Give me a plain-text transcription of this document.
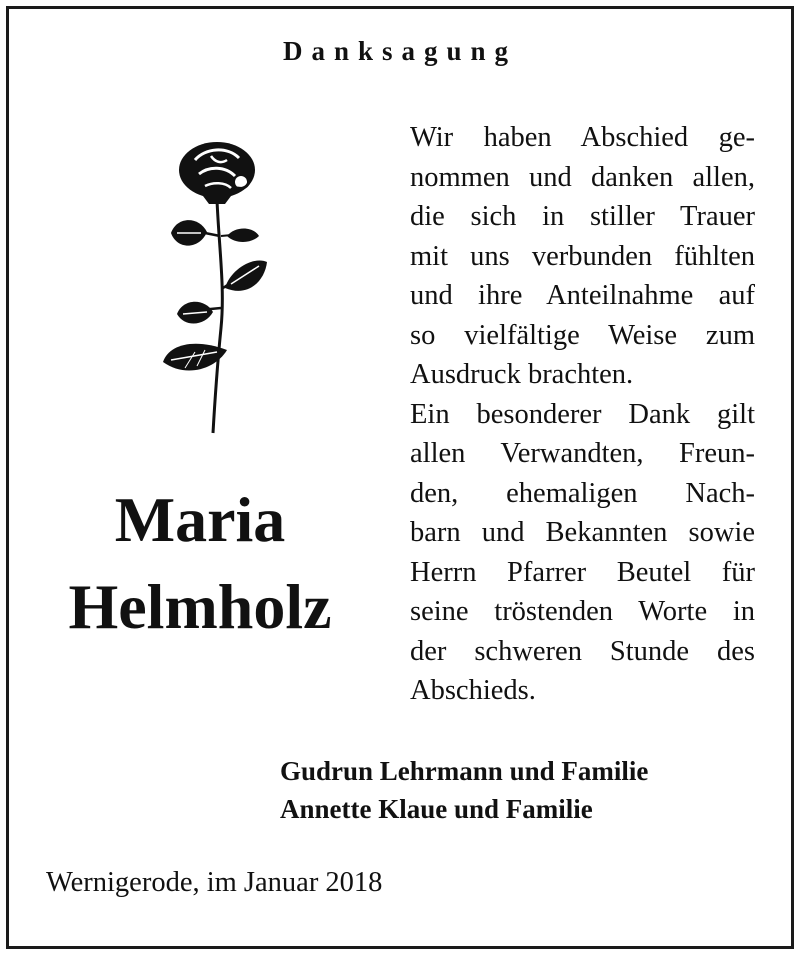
Danksagung
Maria
Helmholz
Wir haben Abschied ge-
nommen und danken allen,
die sich in stiller Trauer
mit uns verbunden fühlten
und ihre Anteilnahme auf
so vielfältige Weise zum
Ausdruck brachten.
Ein besonderer Dank gilt
allen Verwandten, Freun-
den, ehemaligen Nach-
barn und Bekannten sowie
Herrn Pfarrer Beutel für
seine tröstenden Worte in
der schweren Stunde des
Abschieds.
Gudrun Lehrmann und Familie
Annette Klaue und Familie
Wernigerode, im Januar 2018
